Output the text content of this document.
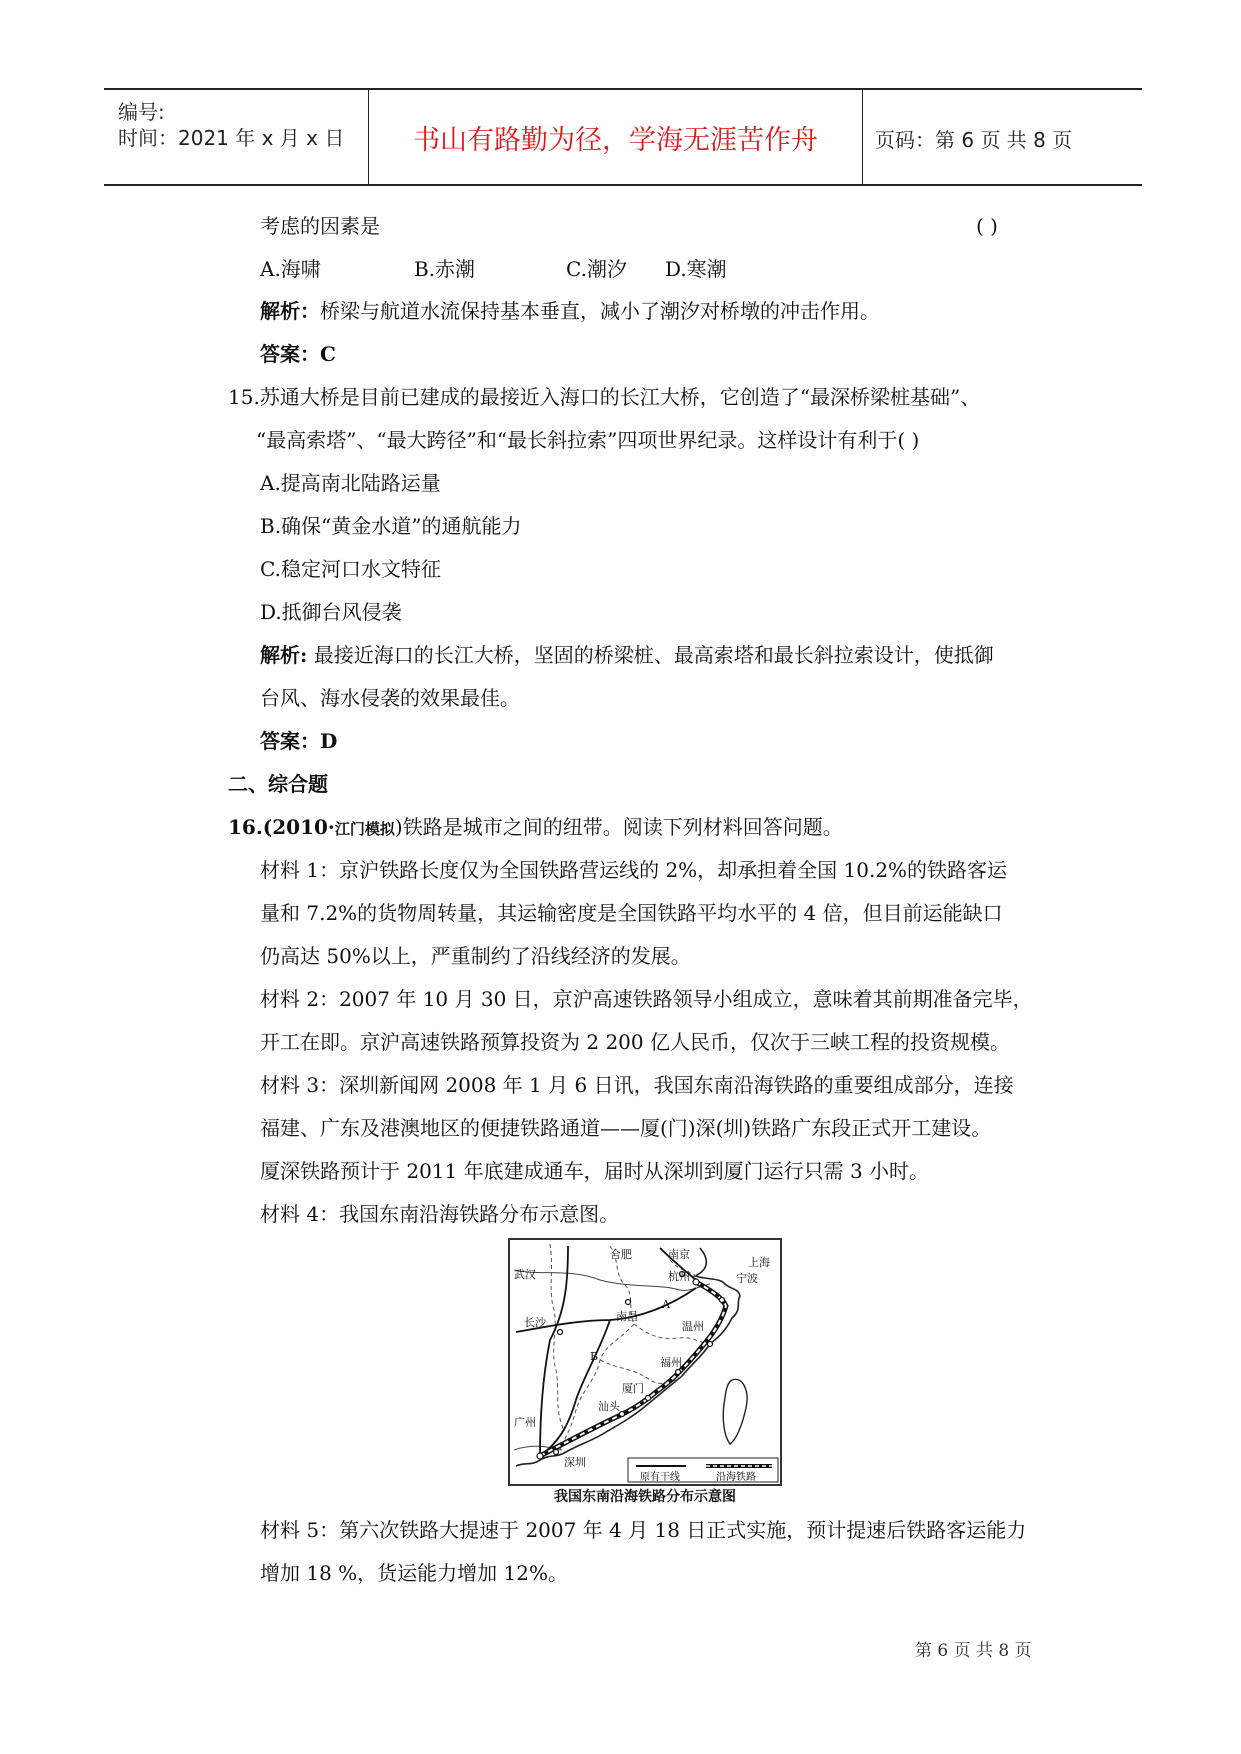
编号:
时间：2021 年 x 月 x 日	书山有路勤为径，学海无涯苦作舟	页码：第 6 页 共 8 页
考虑的因素是	( )
A.海啸	B.赤潮	C.潮汐 D.寒潮
解析：桥梁与航道水流保持基本垂直，减小了潮汐对桥墩的冲击作用。
答案：C
15.苏通大桥是目前已建成的最接近入海口的长江大桥，它创造了“最深桥梁桩基础”、
“最高索塔”、“最大跨径”和“最长斜拉索”四项世界纪录。这样设计有利于( )
A.提高南北陆路运量
B.确保“黄金水道”的通航能力
C.稳定河口水文特征
D.抵御台风侵袭
解析: 最接近海口的长江大桥，坚固的桥梁桩、最高索塔和最长斜拉索设计，使抵御
台风、海水侵袭的效果最佳。
答案：D
二、综合题
16.(2010·江门模拟)铁路是城市之间的纽带。阅读下列材料回答问题。
材料 1：京沪铁路长度仅为全国铁路营运线的 2%，却承担着全国 10.2%的铁路客运
量和 7.2%的货物周转量，其运输密度是全国铁路平均水平的 4 倍，但目前运能缺口
仍高达 50%以上，严重制约了沿线经济的发展。
材料 2：2007 年 10 月 30 日，京沪高速铁路领导小组成立，意味着其前期准备完毕，
开工在即。京沪高速铁路预算投资为 2 200 亿人民币，仅次于三峡工程的投资规模。
材料 3：深圳新闻网 2008 年 1 月 6 日讯，我国东南沿海铁路的重要组成部分，连接
福建、广东及港澳地区的便捷铁路通道——厦(门)深(圳)铁路广东段正式开工建设。
厦深铁路预计于 2011 年底建成通车，届时从深圳到厦门运行只需 3 小时。
材料 4：我国东南沿海铁路分布示意图。
合肥	南京
武汉
上海
杭州	宁波
南昌
长沙	温州
福州
厦门
汕头
广州
深圳
A
B
原有干线	沿海铁路
我国东南沿海铁路分布示意图
材料 5：第六次铁路大提速于 2007 年 4 月 18 日正式实施，预计提速后铁路客运能力
增加 18 %，货运能力增加 12%。
第 6 页 共 8 页
